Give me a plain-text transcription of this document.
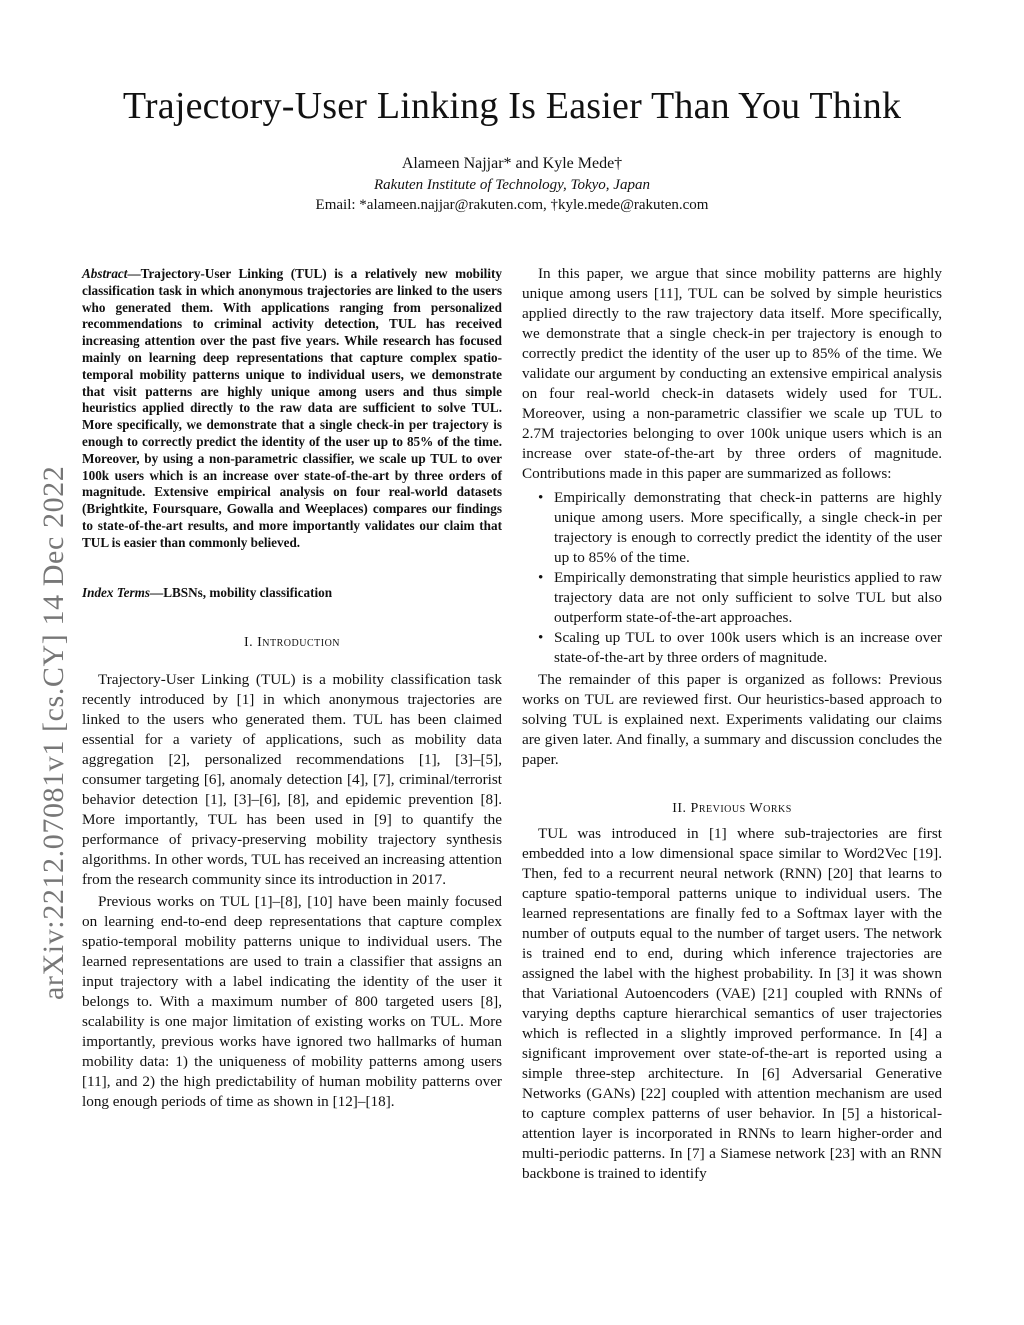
arXiv:2212.07081v1 [cs.CY] 14 Dec 2022
Trajectory-User Linking Is Easier Than You Think
Alameen Najjar* and Kyle Mede†
Rakuten Institute of Technology, Tokyo, Japan
Email: *alameen.najjar@rakuten.com, †kyle.mede@rakuten.com
Abstract—Trajectory-User Linking (TUL) is a relatively new mobility classification task in which anonymous trajectories are linked to the users who generated them. With applications ranging from personalized recommendations to criminal activity detection, TUL has received increasing attention over the past five years. While research has focused mainly on learning deep representations that capture complex spatio-temporal mobility patterns unique to individual users, we demonstrate that visit patterns are highly unique among users and thus simple heuristics applied directly to the raw data are sufficient to solve TUL. More specifically, we demonstrate that a single check-in per trajectory is enough to correctly predict the identity of the user up to 85% of the time. Moreover, by using a non-parametric classifier, we scale up TUL to over 100k users which is an increase over state-of-the-art by three orders of magnitude. Extensive empirical analysis on four real-world datasets (Brightkite, Foursquare, Gowalla and Weeplaces) compares our findings to state-of-the-art results, and more importantly validates our claim that TUL is easier than commonly believed.
Index Terms—LBSNs, mobility classification
I. Introduction

Trajectory-User Linking (TUL) is a mobility classification task recently introduced by [1] in which anonymous trajectories are linked to the users who generated them. TUL has been claimed essential for a variety of applications, such as mobility data aggregation [2], personalized recommendations [1], [3]–[5], consumer targeting [6], anomaly detection [4], [7], criminal/terrorist behavior detection [1], [3]–[6], [8], and epidemic prevention [8]. More importantly, TUL has been used in [9] to quantify the performance of privacy-preserving mobility trajectory synthesis algorithms. In other words, TUL has received an increasing attention from the research community since its introduction in 2017.

Previous works on TUL [1]–[8], [10] have been mainly focused on learning end-to-end deep representations that capture complex spatio-temporal mobility patterns unique to individual users. The learned representations are used to train a classifier that assigns an input trajectory with a label indicating the identity of the user it belongs to. With a maximum number of 800 targeted users [8], scalability is one major limitation of existing works on TUL. More importantly, previous works have ignored two hallmarks of human mobility data: 1) the uniqueness of mobility patterns among users [11], and 2) the high predictability of human mobility patterns over long enough periods of time as shown in [12]–[18].

In this paper, we argue that since mobility patterns are highly unique among users [11], TUL can be solved by simple heuristics applied directly to the raw trajectory data itself. More specifically, we demonstrate that a single check-in per trajectory is enough to correctly predict the identity of the user up to 85% of the time. We validate our argument by conducting an extensive empirical analysis on four real-world check-in datasets widely used for TUL. Moreover, using a non-parametric classifier we scale up TUL to 2.7M trajectories belonging to over 100k unique users which is an increase over state-of-the-art by three orders of magnitude. Contributions made in this paper are summarized as follows:

• Empirically demonstrating that check-in patterns are highly unique among users. More specifically, a single check-in per trajectory is enough to correctly predict the identity of the user up to 85% of the time.
• Empirically demonstrating that simple heuristics applied to raw trajectory data are not only sufficient to solve TUL but also outperform state-of-the-art approaches.
• Scaling up TUL to over 100k users which is an increase over state-of-the-art by three orders of magnitude.

The remainder of this paper is organized as follows: Previous works on TUL are reviewed first. Our heuristics-based approach to solving TUL is explained next. Experiments validating our claims are given later. And finally, a summary and discussion concludes the paper.

II. Previous Works

TUL was introduced in [1] where sub-trajectories are first embedded into a low dimensional space similar to Word2Vec [19]. Then, fed to a recurrent neural network (RNN) [20] that learns to capture spatio-temporal patterns unique to individual users. The learned representations are finally fed to a Softmax layer with the number of outputs equal to the number of target users. The network is trained end to end, during which inference trajectories are assigned the label with the highest probability. In [3] it was shown that Variational Autoencoders (VAE) [21] coupled with RNNs of varying depths capture hierarchical semantics of user trajectories which is reflected in a slightly improved performance. In [4] a significant improvement over state-of-the-art is reported using a simple three-step architecture. In [6] Adversarial Generative Networks (GANs) [22] coupled with attention mechanism are used to capture complex patterns of user behavior. In [5] a historical-attention layer is incorporated in RNNs to learn higher-order and multi-periodic patterns. In [7] a Siamese network [23] with an RNN backbone is trained to identify
